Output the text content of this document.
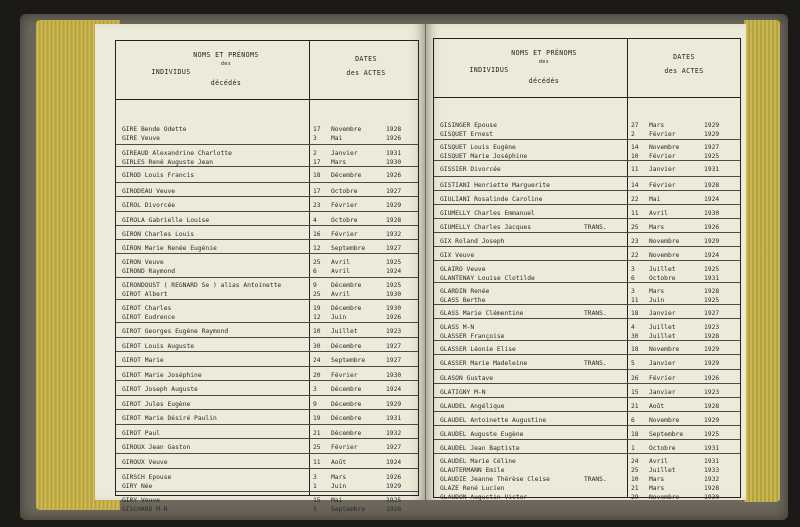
NOMS ET PRÉNOMS
des
INDIVIDUS
décédés
DATES
des ACTES
GIRE Bende Odette	17 Novembre	1928
GIRE Veuve	3 Mai	1926
GIREAUD Alexandrine Charlotte	2 Janvier	1931
GIRLES René Auguste Jean	17 Mars	1930
GIROD Louis Francis	18 Décembre	1926
GIRODEAU Veuve	17 Octobre	1927
GIROL Divorcée	23 Février	1929
GIROLA Gabrielle Louise	4 Octobre	1928
GIRON Charles Louis	16 Février	1932
GIRON Marie Renée Eugénie	12 Septembre	1927
GIRON Veuve	25 Avril	1925
GIROND Raymond	6 Avril	1924
GIRONDOUST ( REGNARD Se ) alias Antoinette	9 Décembre	1925
GIROT Albert	25 Avril	1930
GIROT Charles	19 Décembre	1930
GIROT Eudrence	12 Juin	1926
GIROT Georges Eugène Raymond	10 Juillet	1923
GIROT Louis Auguste	30 Décembre	1927
GIROT Marie	24 Septembre	1927
GIROT Marie Joséphine	20 Février	1930
GIROT Joseph Auguste	3 Décembre	1924
GIROT Jules Eugène	9 Décembre	1929
GIROT Marie Désiré Paulin	19 Décembre	1931
GIROT Paul	21 Décembre	1932
GIROUX Jean Gaston	25 Février	1927
GIROUX Veuve	11 Août	1924
GIRSCH Epouse	3 Mars	1926
GIRY Née	1 Juin	1929
GIRY Veuve	15 Mai	1925
GISCHARD M-N	5 Septembre	1926
NOMS ET PRÉNOMS
des
INDIVIDUS
décédés
DATES
des ACTES
GISINGER Epouse	27 Mars	1929
GISQUET Ernest	2 Février	1929
GISQUET Louis Eugène	14 Novembre	1927
GISQUET Marie Joséphine	10 Février	1925
GISSIER Divorcée	11 Janvier	1931
GISTIANI Henriette Marguerite	14 Février	1928
GIULIANI Rosalinde Caroline	22 Mai	1924
GIUMELLY Charles Emmanuel	11 Avril	1930
GIUMELLY Charles Jacques	TRANS.	25 Mars	1926
GIX Roland Joseph	23 Novembre	1929
GIX Veuve	22 Novembre	1924
GLAIRO Veuve	3 Juillet	1925
GLANTENAY Louise Clotilde	6 Octobre	1931
GLARDIN Renée	3 Mars	1928
GLASS Berthe	11 Juin	1925
GLASS Marie Clémentine	TRANS.	18 Janvier	1927
GLASS M-N	4 Juillet	1923
GLASSER Françoise	30 Juillet	1928
GLASSER Léonie Elise	18 Novembre	1929
GLASSER Marie Madeleine	TRANS.	5 Janvier	1929
GLASON Gustave	26 Février	1926
GLATIGNY M-N	15 Janvier	1923
GLAUDEL Angélique	21 Août	1928
GLAUDEL Antoinette Augustine	6 Novembre	1929
GLAUDEL Auguste Eugène	18 Septembre	1925
GLAUDEL Jean Baptiste	1 Octobre	1931
GLAUDEL Marie Céline	24 Avril	1931
GLAUTERMANN Emile	25 Juillet	1933
GLAUDIE Jeanne Thérèse Cleise	TRANS.	10 Mars	1932
GLAZE René Lucien	21 Mars	1928
GLAUDON Augustin Victor	29 Novembre	1930
